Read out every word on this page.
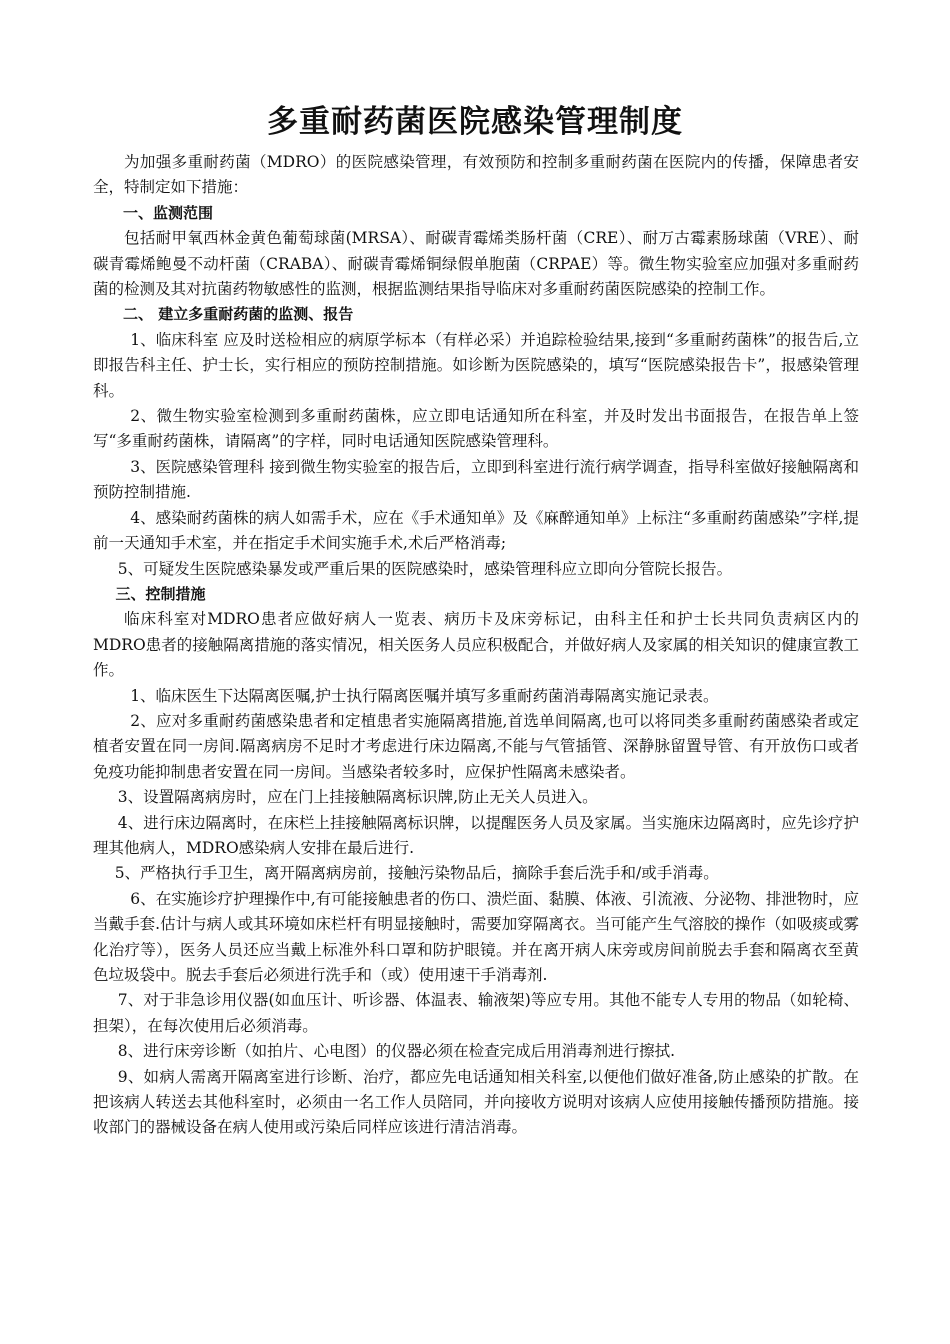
多重耐药菌医院感染管理制度

为加强多重耐药菌（MDRO）的医院感染管理，有效预防和控制多重耐药菌在医院内的传播，保障患者安全，特制定如下措施：

一、监测范围

包括耐甲氧西林金黄色葡萄球菌(MRSA）、耐碳青霉烯类肠杆菌（CRE）、耐万古霉素肠球菌（VRE）、耐碳青霉烯鲍曼不动杆菌（CRABA）、耐碳青霉烯铜绿假单胞菌（CRPAE）等。微生物实验室应加强对多重耐药菌的检测及其对抗菌药物敏感性的监测，根据监测结果指导临床对多重耐药菌医院感染的控制工作。

二、 建立多重耐药菌的监测、报告

1、临床科室 应及时送检相应的病原学标本（有样必采）并追踪检验结果,接到“多重耐药菌株”的报告后,立即报告科主任、护士长，实行相应的预防控制措施。如诊断为医院感染的，填写“医院感染报告卡”，报感染管理科。

2、微生物实验室检测到多重耐药菌株，应立即电话通知所在科室，并及时发出书面报告，在报告单上签写“多重耐药菌株，请隔离”的字样，同时电话通知医院感染管理科。

3、医院感染管理科 接到微生物实验室的报告后，立即到科室进行流行病学调查，指导科室做好接触隔离和预防控制措施.

4、感染耐药菌株的病人如需手术，应在《手术通知单》及《麻醉通知单》上标注“多重耐药菌感染”字样,提前一天通知手术室，并在指定手术间实施手术,术后严格消毒;

5、可疑发生医院感染暴发或严重后果的医院感染时，感染管理科应立即向分管院长报告。

三、控制措施

临床科室对MDRO患者应做好病人一览表、病历卡及床旁标记，由科主任和护士长共同负责病区内的MDRO患者的接触隔离措施的落实情况，相关医务人员应积极配合，并做好病人及家属的相关知识的健康宣教工作。

1、临床医生下达隔离医嘱,护士执行隔离医嘱并填写多重耐药菌消毒隔离实施记录表。

2、应对多重耐药菌感染患者和定植患者实施隔离措施,首选单间隔离,也可以将同类多重耐药菌感染者或定植者安置在同一房间.隔离病房不足时才考虑进行床边隔离,不能与气管插管、深静脉留置导管、有开放伤口或者免疫功能抑制患者安置在同一房间。当感染者较多时，应保护性隔离未感染者。

3、设置隔离病房时，应在门上挂接触隔离标识牌,防止无关人员进入。

4、进行床边隔离时，在床栏上挂接触隔离标识牌，以提醒医务人员及家属。当实施床边隔离时，应先诊疗护理其他病人，MDRO感染病人安排在最后进行.

5、严格执行手卫生，离开隔离病房前，接触污染物品后，摘除手套后洗手和/或手消毒。

6、在实施诊疗护理操作中,有可能接触患者的伤口、溃烂面、黏膜、体液、引流液、分泌物、排泄物时，应当戴手套.估计与病人或其环境如床栏杆有明显接触时，需要加穿隔离衣。当可能产生气溶胶的操作（如吸痰或雾化治疗等），医务人员还应当戴上标准外科口罩和防护眼镜。并在离开病人床旁或房间前脱去手套和隔离衣至黄色垃圾袋中。脱去手套后必须进行洗手和（或）使用速干手消毒剂.

7、对于非急诊用仪器(如血压计、听诊器、体温表、输液架)等应专用。其他不能专人专用的物品（如轮椅、担架），在每次使用后必须消毒。

8、进行床旁诊断（如拍片、心电图）的仪器必须在检查完成后用消毒剂进行擦拭.

9、如病人需离开隔离室进行诊断、治疗，都应先电话通知相关科室,以便他们做好准备,防止感染的扩散。在把该病人转送去其他科室时，必须由一名工作人员陪同，并向接收方说明对该病人应使用接触传播预防措施。接收部门的器械设备在病人使用或污染后同样应该进行清洁消毒。
